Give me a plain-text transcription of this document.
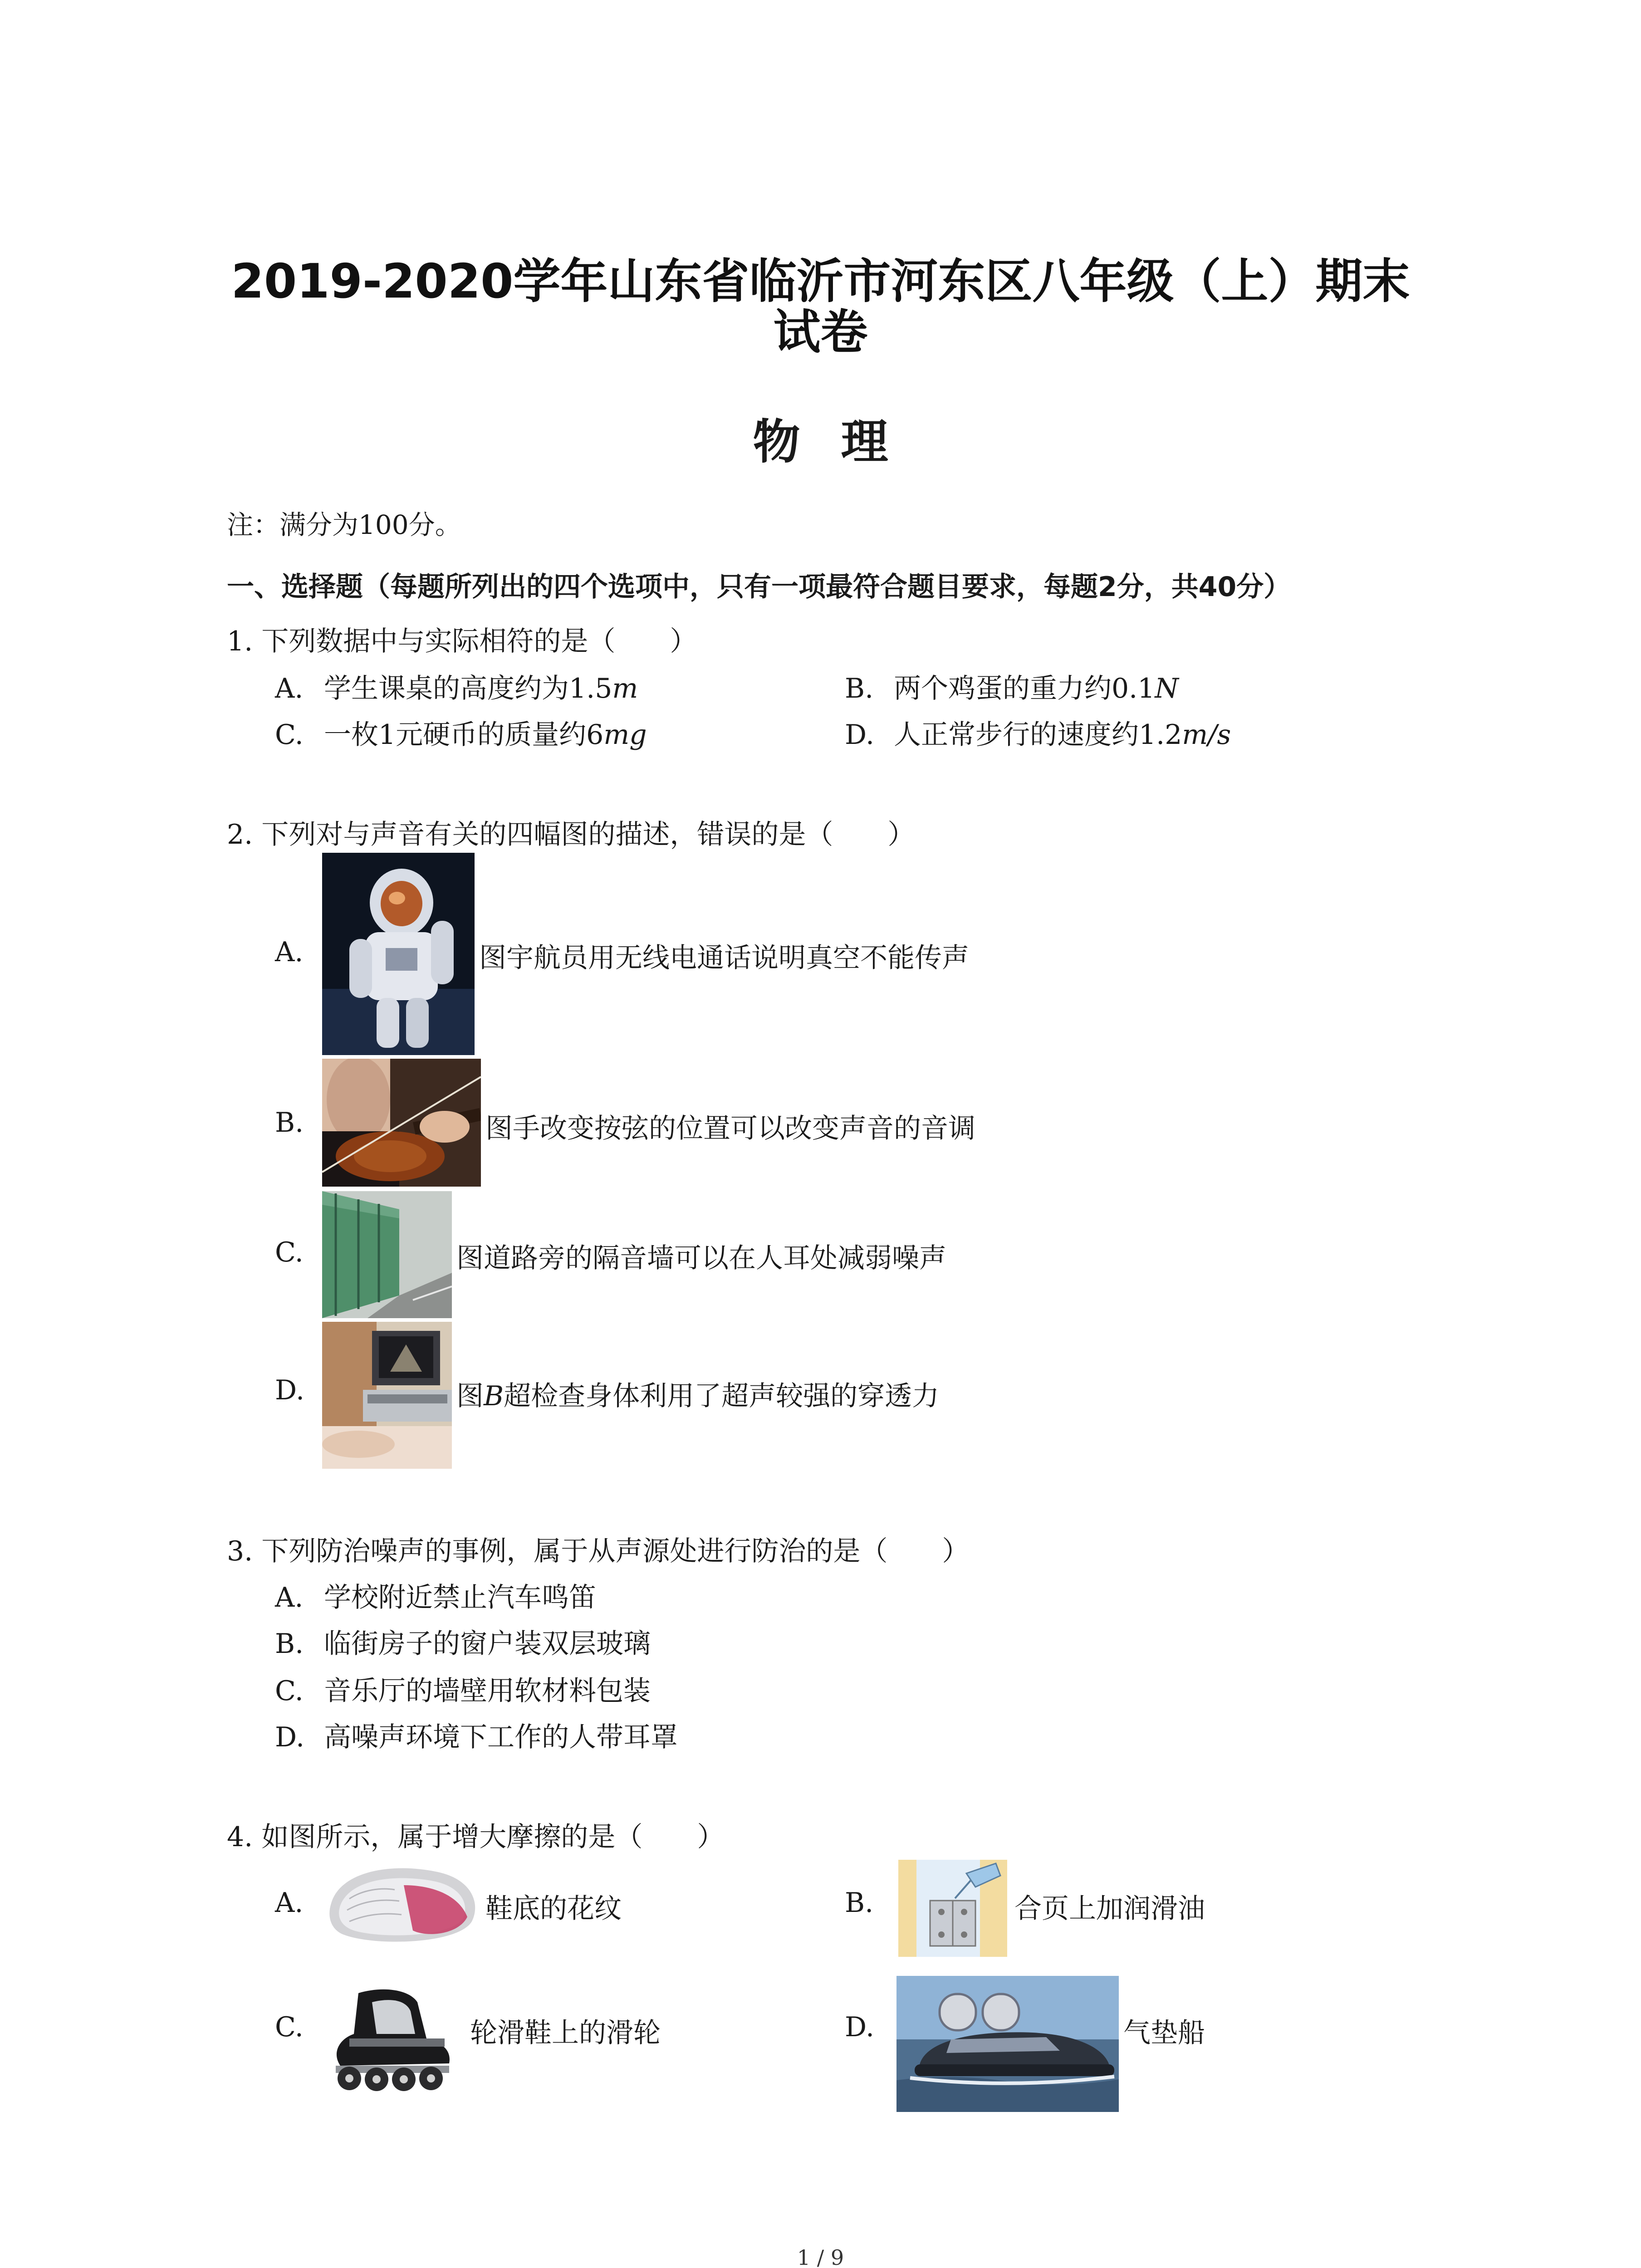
2019-2020学年山东省临沂市河东区八年级（上）期末
试卷
物理
注：满分为100分。
一、选择题（每题所列出的四个选项中，只有一项最符合题目要求，每题2分，共40分）
1. 下列数据中与实际相符的是（　　）
A. 学生课桌的高度约为1.5m	B. 两个鸡蛋的重力约0.1N
C. 一枚1元硬币的质量约6mg	D. 人正常步行的速度约1.2m/s
2. 下列对与声音有关的四幅图的描述，错误的是（　　）
A.	图宇航员用无线电通话说明真空不能传声
B.	图手改变按弦的位置可以改变声音的音调
C.	图道路旁的隔音墙可以在人耳处减弱噪声
D.	图B超检查身体利用了超声较强的穿透力
3. 下列防治噪声的事例，属于从声源处进行防治的是（　　）
A. 学校附近禁止汽车鸣笛
B. 临街房子的窗户装双层玻璃
C. 音乐厅的墙壁用软材料包装
D. 高噪声环境下工作的人带耳罩
4. 如图所示，属于增大摩擦的是（　　）
A.	鞋底的花纹	B.	合页上加润滑油
C.	轮滑鞋上的滑轮	D.	气垫船
1 / 9
